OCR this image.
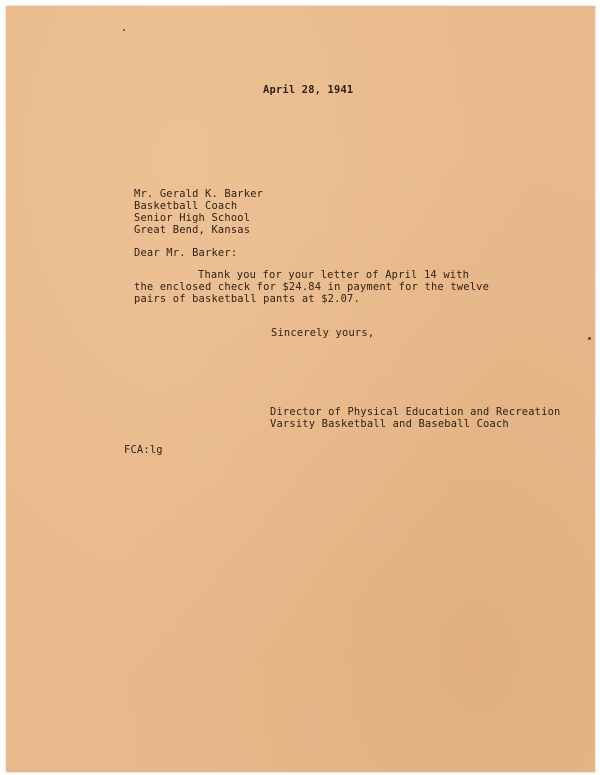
April 28, 1941
Mr. Gerald K. Barker
Basketball Coach
Senior High School
Great Bend, Kansas
Dear Mr. Barker:
Thank you for your letter of April 14 with
the enclosed check for $24.84 in payment for the twelve
pairs of basketball pants at $2.07.
Sincerely yours,
Director of Physical Education and Recreation
Varsity Basketball and Baseball Coach
FCA:lg
